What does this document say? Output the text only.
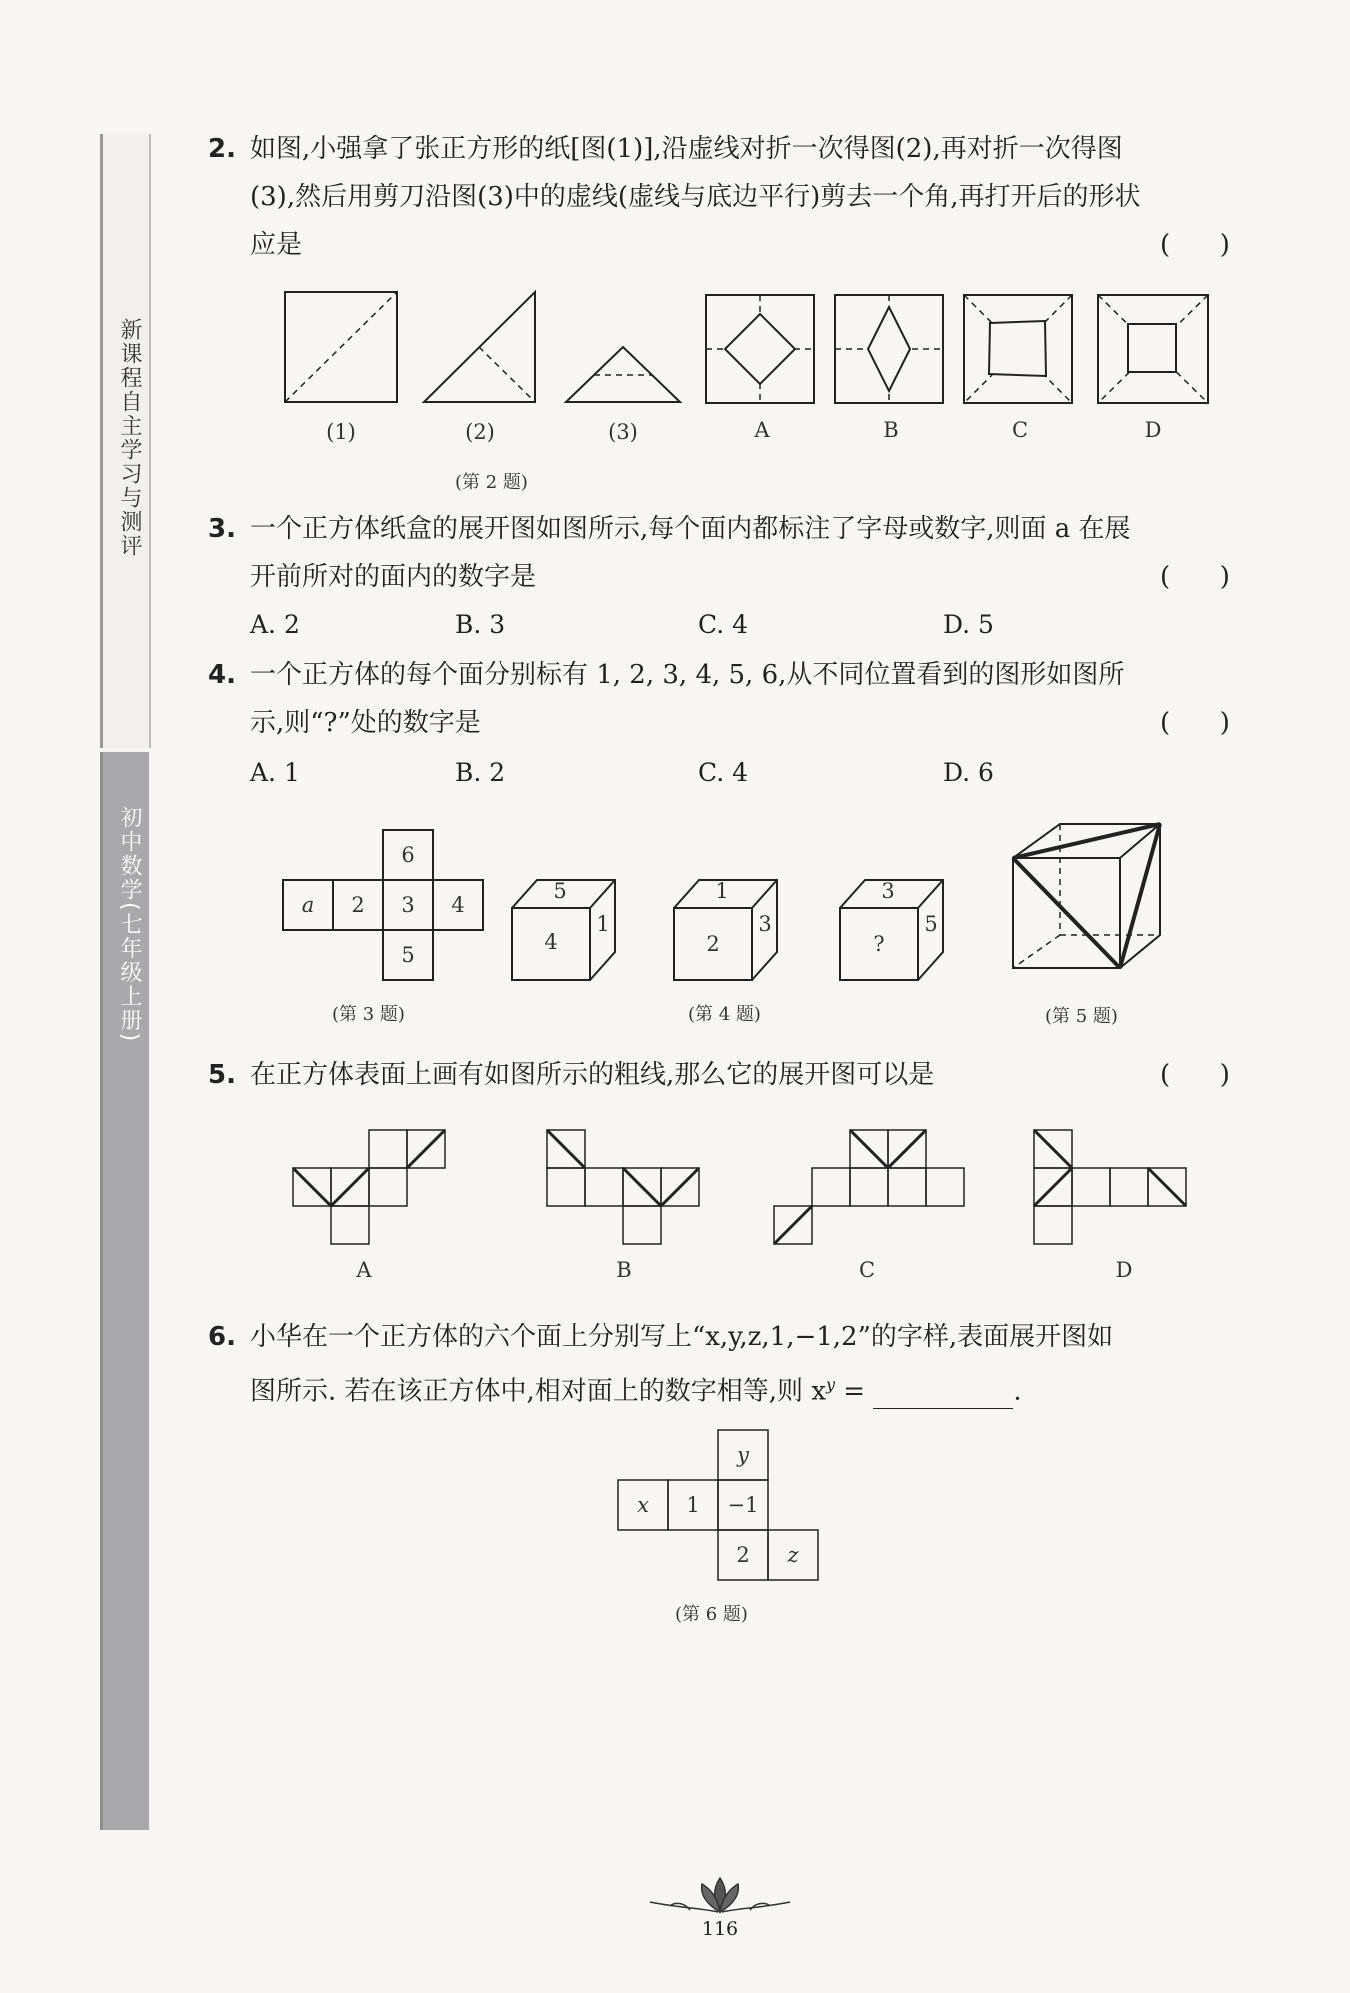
新课程自主学习与测评
初中数学(七年级上册)
2. 如图,小强拿了张正方形的纸[图(1)],沿虚线对折一次得图(2),再对折一次得图
(3),然后用剪刀沿图(3)中的虚线(虚线与底边平行)剪去一个角,再打开后的形状
应是	(      )
(1)	(2)	(3)	A	B	C	D
(第 2 题)
3. 一个正方体纸盒的展开图如图所示,每个面内都标注了字母或数字,则面 a 在展
开前所对的面内的数字是	(      )
A. 2	B. 3	C. 4	D. 5
4. 一个正方体的每个面分别标有 1, 2, 3, 4, 5, 6,从不同位置看到的图形如图所
示,则“?”处的数字是	(      )
A. 1	B. 2	C. 4	D. 6
a	2	3	4
6
5
(第 3 题)
5
4
1
1
2
3
3
?
5
(第 4 题)	(第 5 题)
5. 在正方体表面上画有如图所示的粗线,那么它的展开图可以是	(      )
A	B	C	D
6. 小华在一个正方体的六个面上分别写上“x,y,z,1,−1,2”的字样,表面展开图如
图所示. 若在该正方体中,相对面上的数字相等,则 $x^y$ =	.
y
x	1	−1
2	z
(第 6 题)
116
